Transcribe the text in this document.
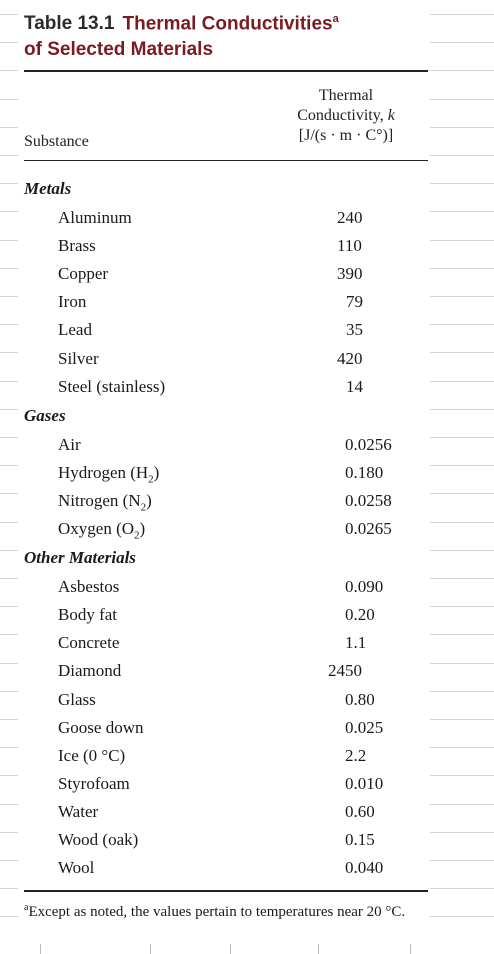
Table 13.1 Thermal Conductivities$^a$
of Selected Materials
Thermal
Conductivity, k
[J/(s · m · C°)]
Substance
Metals
Aluminum	240
Brass	110
Copper	390
Iron	79
Lead	35
Silver	420
Steel (stainless)	14
Gases
Air	0.0256
Hydrogen $(H_2)$	0.180
Nitrogen $(N_2)$	0.0258
Oxygen $(O_2)$	0.0265
Other Materials
Asbestos	0.090
Body fat	0.20
Concrete	1.1
Diamond	2450
Glass	0.80
Goose down	0.025
Ice (0 °C)	2.2
Styrofoam	0.010
Water	0.60
Wood (oak)	0.15
Wool	0.040
$^a$Except as noted, the values pertain to temperatures near 20 °C.
